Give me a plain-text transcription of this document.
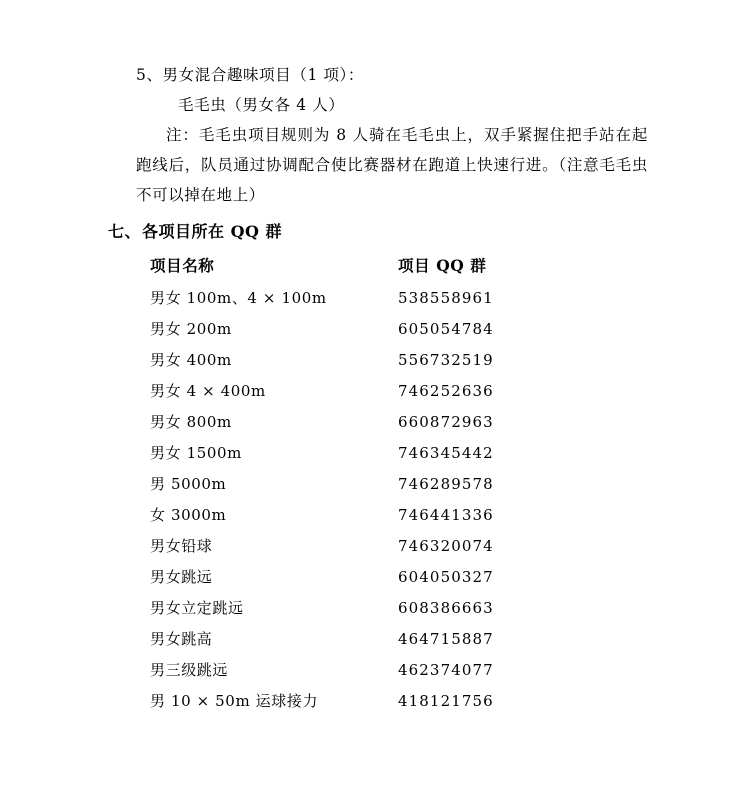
5、男女混合趣味项目（1 项）：

毛毛虫（男女各 4 人）

注：毛毛虫项目规则为 8 人骑在毛毛虫上，双手紧握住把手站在起跑线后，队员通过协调配合使比赛器材在跑道上快速行进。（注意毛毛虫不可以掉在地上）

七、各项目所在 QQ 群
项目名称	项目 QQ 群
男女 100m、4 × 100m	538558961
男女 200m	605054784
男女 400m	556732519
男女 4 × 400m	746252636
男女 800m	660872963
男女 1500m	746345442
男 5000m	746289578
女 3000m	746441336
男女铅球	746320074
男女跳远	604050327
男女立定跳远	608386663
男女跳高	464715887
男三级跳远	462374077
男 10 × 50m 运球接力	418121756
